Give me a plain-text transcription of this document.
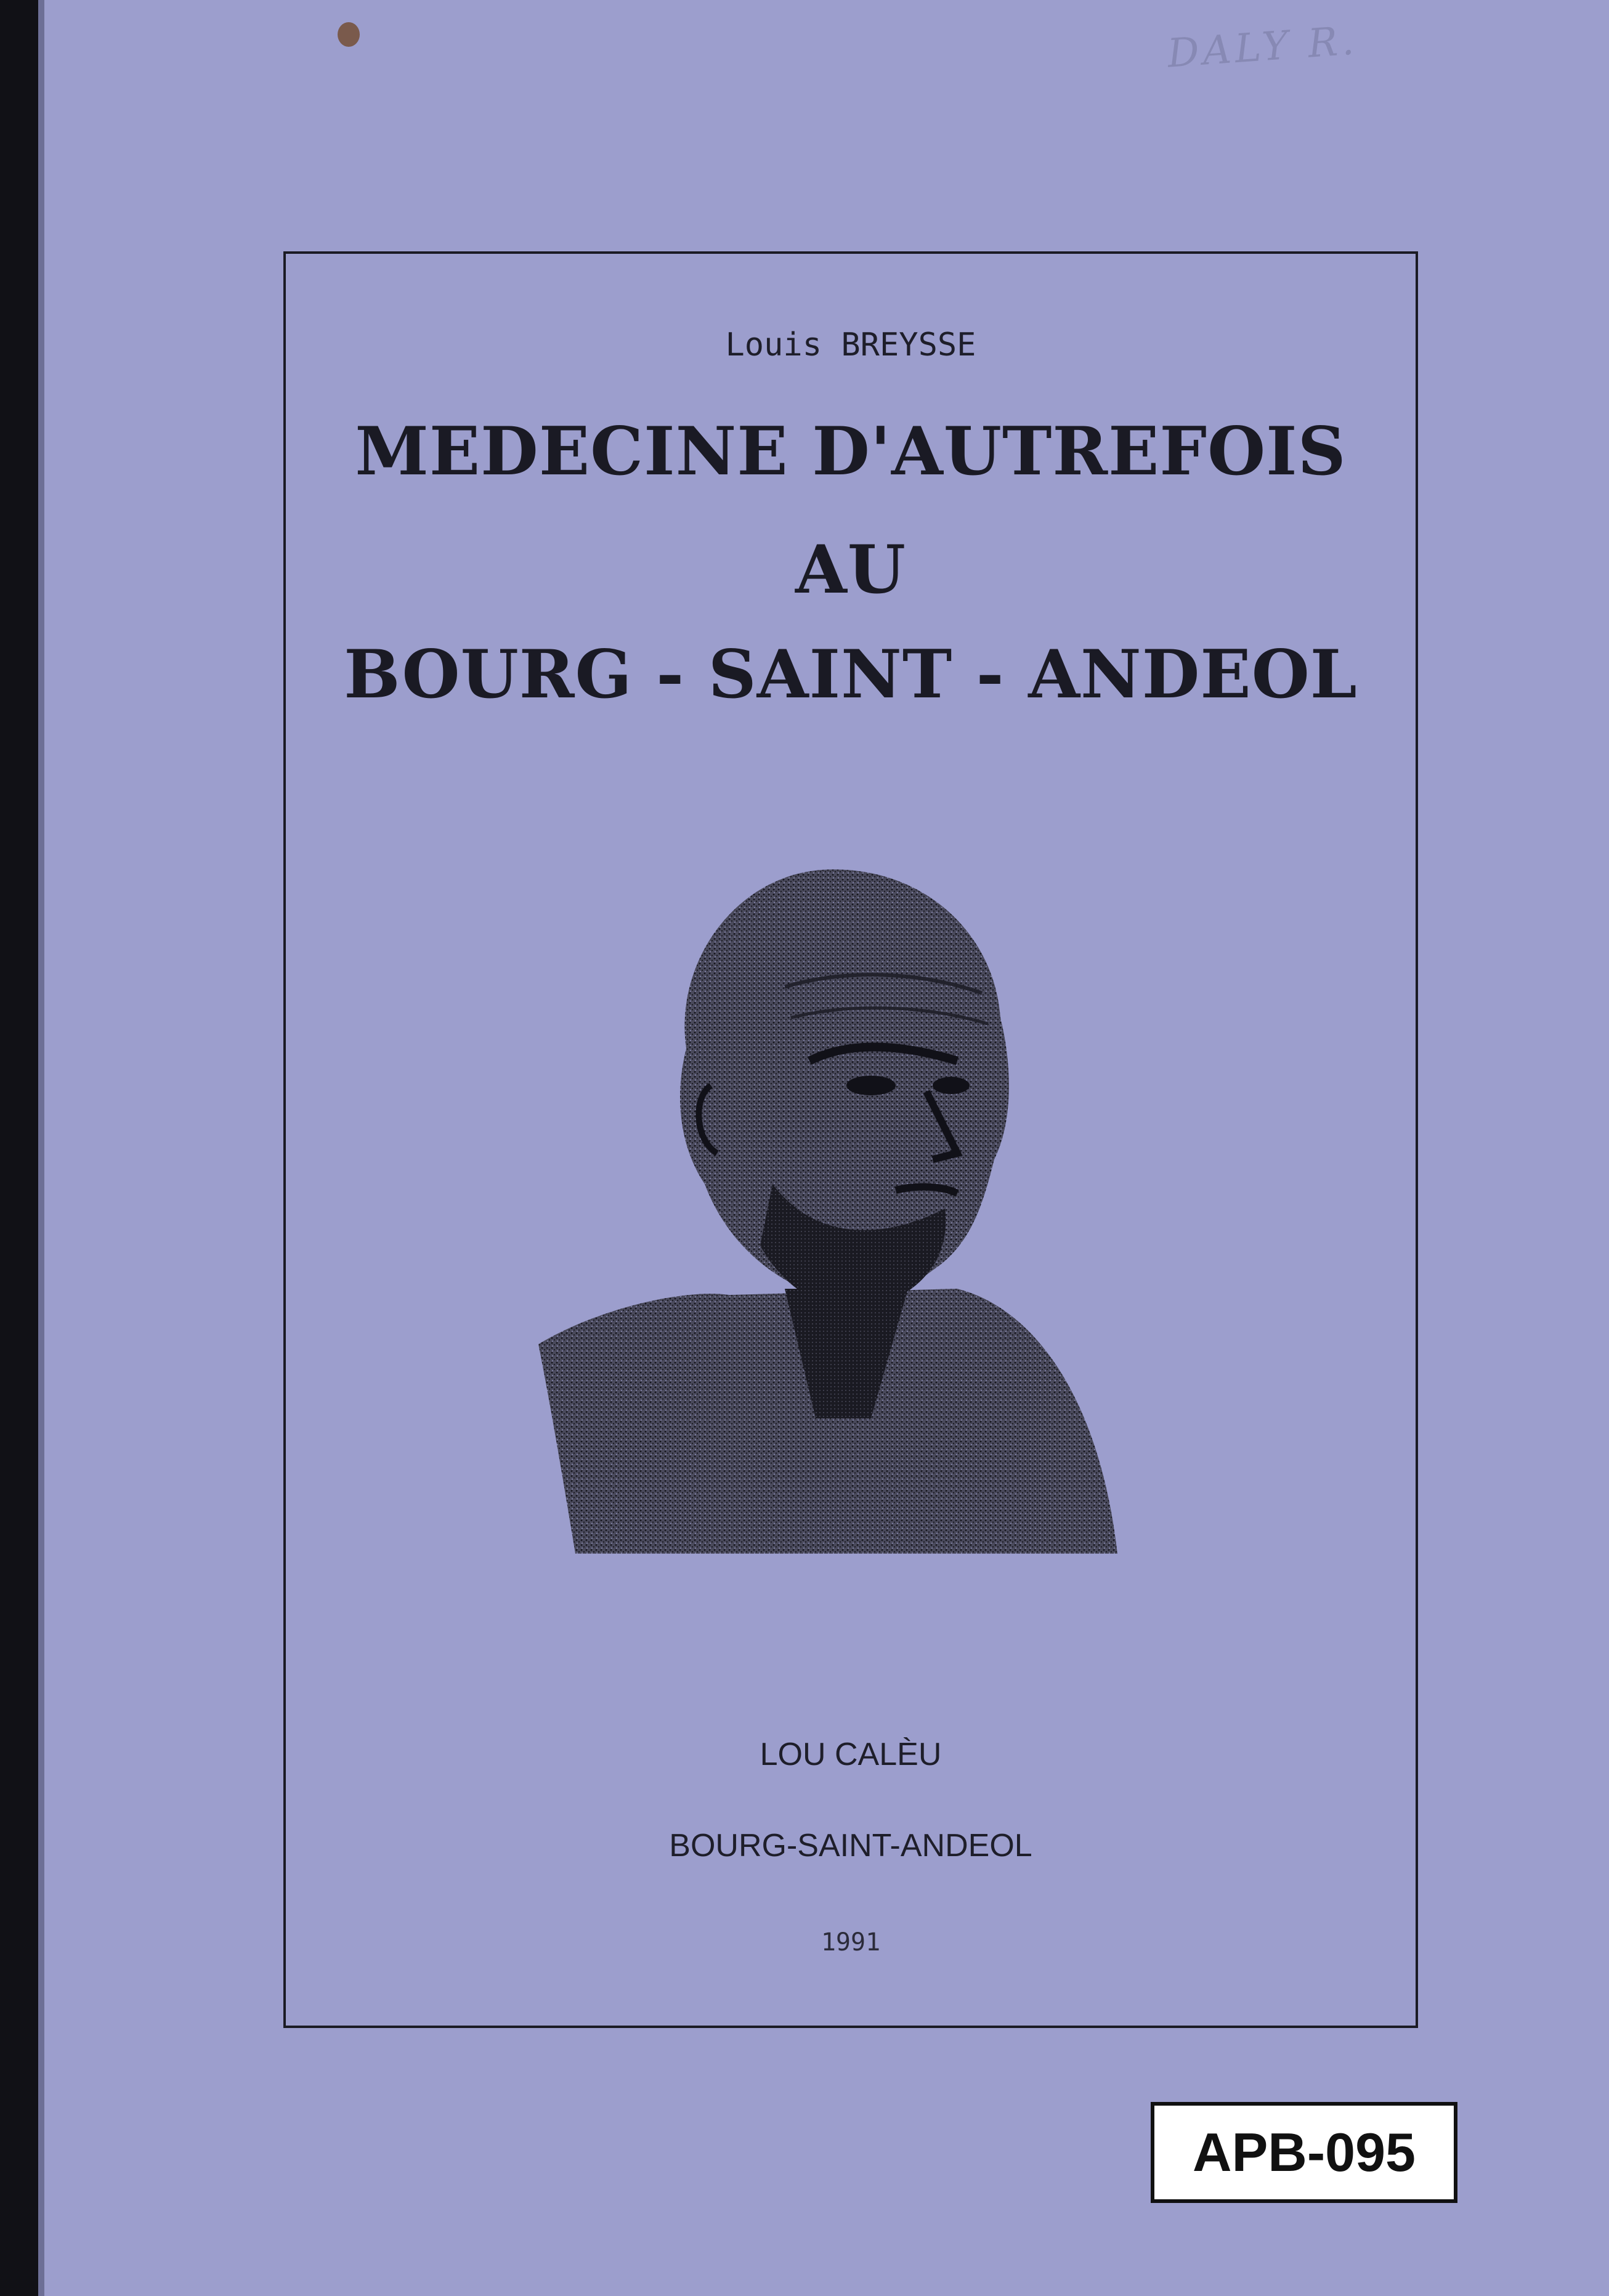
DALY R.
Louis BREYSSE
MEDECINE D'AUTREFOIS
AU
BOURG - SAINT - ANDEOL
LOU CALÈU
BOURG-SAINT-ANDEOL
1991
APB-095
